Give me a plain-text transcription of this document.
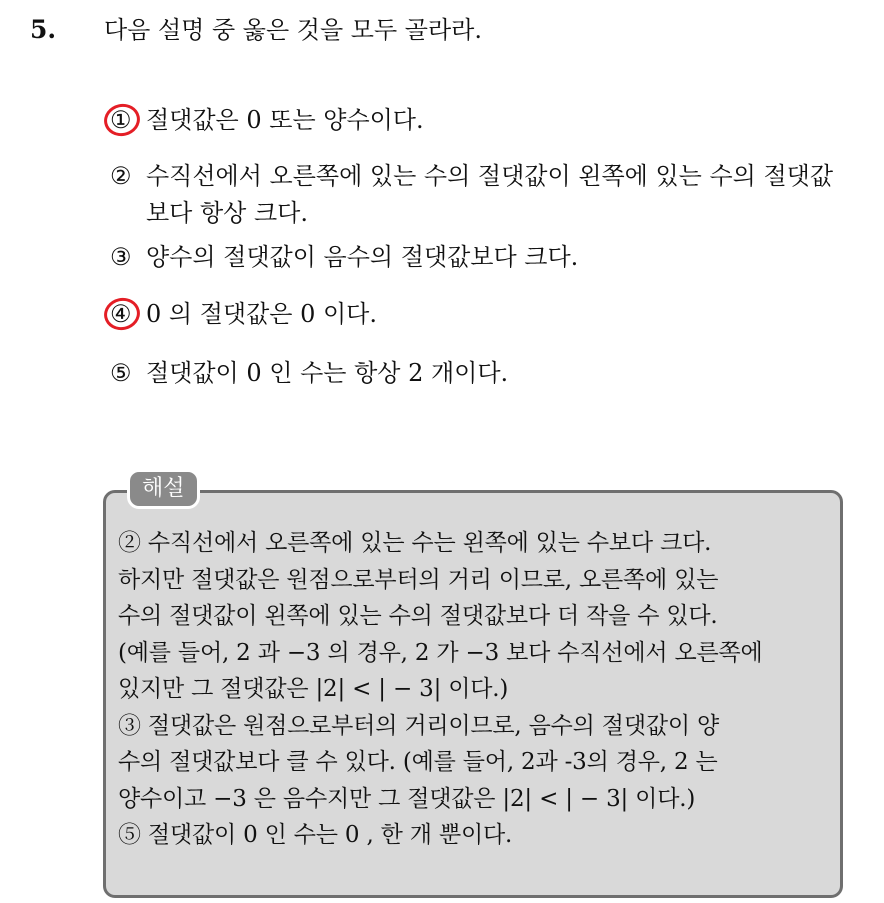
5. 다음 설명 중 옳은 것을 모두 골라라.
① 절댓값은 0 또는 양수이다.
② 수직선에서 오른쪽에 있는 수의 절댓값이 왼쪽에 있는 수의 절댓값보다 항상 크다.
③ 양수의 절댓값이 음수의 절댓값보다 크다.
④ 0 의 절댓값은 0 이다.
⑤ 절댓값이 0 인 수는 항상 2 개이다.
해설
② 수직선에서 오른쪽에 있는 수는 왼쪽에 있는 수보다 크다.
하지만 절댓값은 원점으로부터의 거리 이므로, 오른쪽에 있는
수의 절댓값이 왼쪽에 있는 수의 절댓값보다 더 작을 수 있다.
(예를 들어, 2 과 −3 의 경우, 2 가 −3 보다 수직선에서 오른쪽에
있지만 그 절댓값은 |2| < | − 3| 이다.)
③ 절댓값은 원점으로부터의 거리이므로, 음수의 절댓값이 양
수의 절댓값보다 클 수 있다. (예를 들어, 2과 -3의 경우, 2 는
양수이고 −3 은 음수지만 그 절댓값은 |2| < | − 3| 이다.)
⑤ 절댓값이 0 인 수는 0 , 한 개 뿐이다.
